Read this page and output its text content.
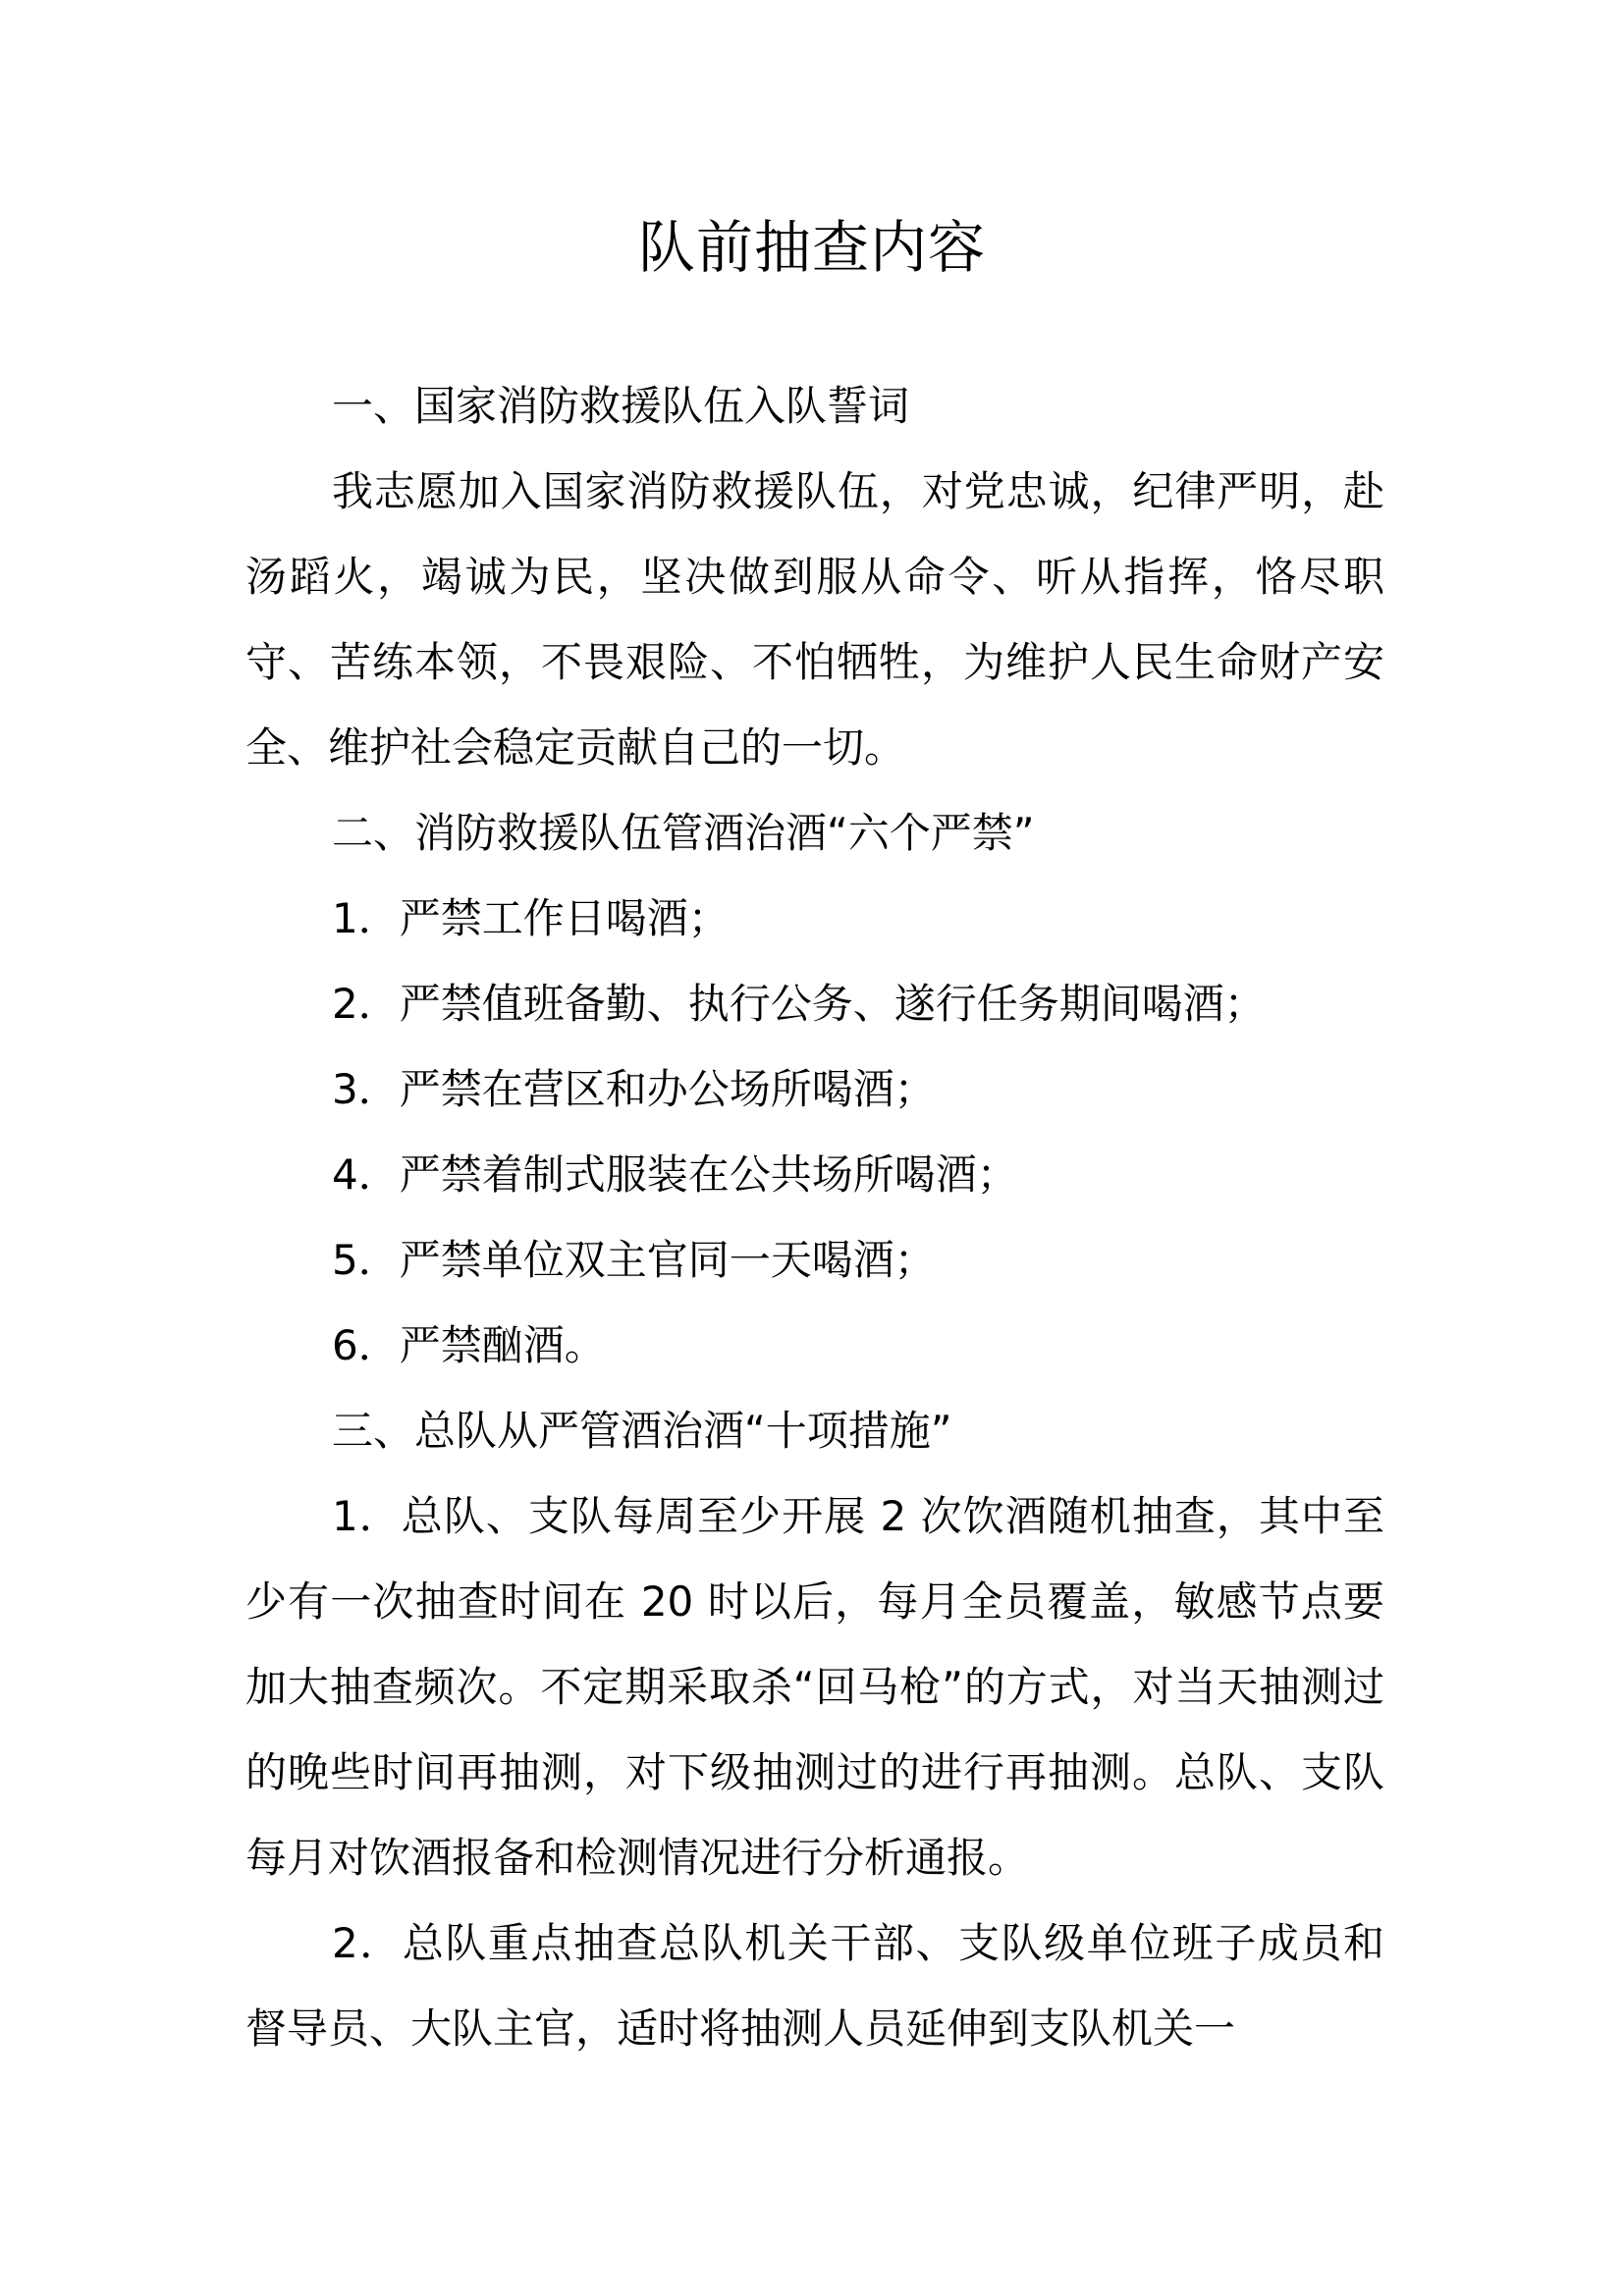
队前抽查内容

一、国家消防救援队伍入队誓词

我志愿加入国家消防救援队伍，对党忠诚，纪律严明，赴汤蹈火，竭诚为民，坚决做到服从命令、听从指挥，恪尽职守、苦练本领，不畏艰险、不怕牺牲，为维护人民生命财产安全、维护社会稳定贡献自己的一切。

二、消防救援队伍管酒治酒“六个严禁”

1．严禁工作日喝酒；

2．严禁值班备勤、执行公务、遂行任务期间喝酒；

3．严禁在营区和办公场所喝酒；

4．严禁着制式服装在公共场所喝酒；

5．严禁单位双主官同一天喝酒；

6．严禁酗酒。

三、总队从严管酒治酒“十项措施”

1．总队、支队每周至少开展 2 次饮酒随机抽查，其中至少有一次抽查时间在 20 时以后，每月全员覆盖，敏感节点要加大抽查频次。不定期采取杀“回马枪”的方式，对当天抽测过的晚些时间再抽测，对下级抽测过的进行再抽测。总队、支队每月对饮酒报备和检测情况进行分析通报。

2．总队重点抽查总队机关干部、支队级单位班子成员和督导员、大队主官，适时将抽测人员延伸到支队机关一
